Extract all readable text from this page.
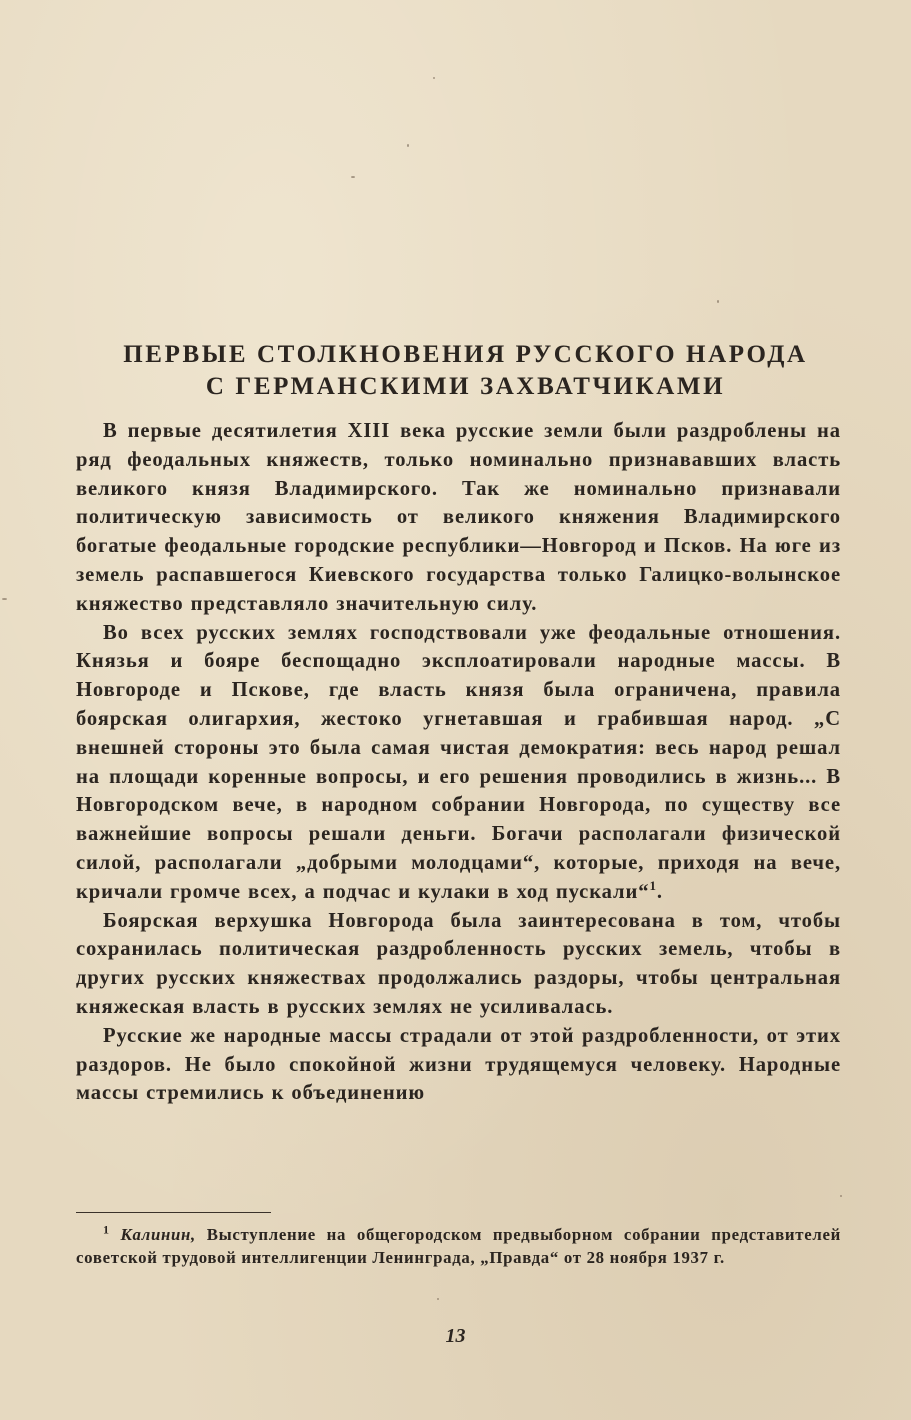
ПЕРВЫЕ СТОЛКНОВЕНИЯ РУССКОГО НАРОДА
С ГЕРМАНСКИМИ ЗАХВАТЧИКАМИ

В первые десятилетия XIII века русские земли были раздроблены на ряд феодальных княжеств, только номинально признававших власть великого князя Владимирского. Так же номинально признавали политическую зависимость от великого княжения Владимирского богатые феодальные городские республики—Новгород и Псков. На юге из земель распавшегося Киевского государства только Галицко-волынское княжество представляло значительную силу.

Во всех русских землях господствовали уже феодальные отношения. Князья и бояре беспощадно эксплоатировали народные массы. В Новгороде и Пскове, где власть князя была ограничена, правила боярская олигархия, жестоко угнетавшая и грабившая народ. „С внешней стороны это была самая чистая демократия: весь народ решал на площади коренные вопросы, и его решения проводились в жизнь... В Новгородском вече, в народном собрании Новгорода, по существу все важнейшие вопросы решали деньги. Богачи располагали физической силой, располагали „добрыми молодцами“, которые, приходя на вече, кричали громче всех, а подчас и кулаки в ход пускали“$^1$.

Боярская верхушка Новгорода была заинтересована в том, чтобы сохранилась политическая раздробленность русских земель, чтобы в других русских княжествах продолжались раздоры, чтобы центральная княжеская власть в русских землях не усиливалась.

Русские же народные массы страдали от этой раздробленности, от этих раздоров. Не было спокойной жизни трудящемуся человеку. Народные массы стремились к объединению

$^1$ Калинин, Выступление на общегородском предвыборном собрании представителей советской трудовой интеллигенции Ленинграда, „Правда“ от 28 ноября 1937 г.

13
